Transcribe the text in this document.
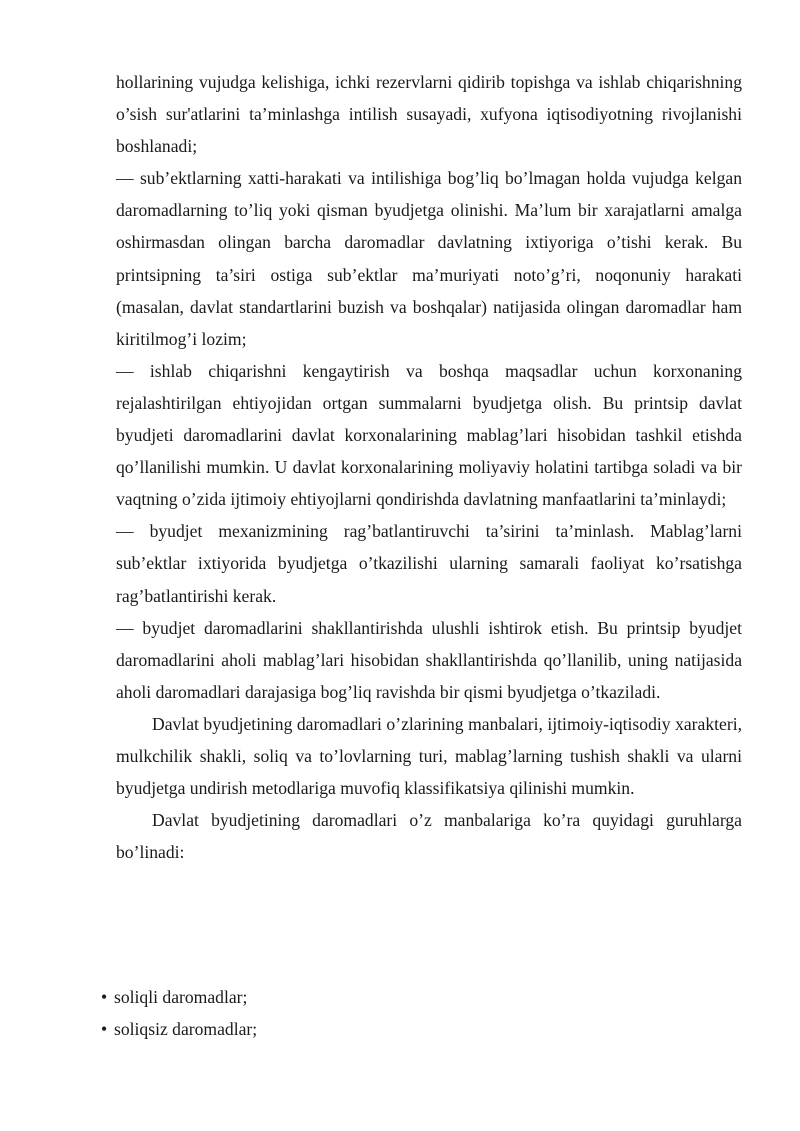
hollarining vujudga kelishiga, ichki rezervlarni qidirib topishga va ishlab chiqarishning o’sish sur'atlarini ta’minlashga intilish susayadi, xufyona iqtisodiyotning rivojlanishi boshlanadi;

— sub’ektlarning xatti-harakati va intilishiga bog’liq bo’lmagan holda vujudga kelgan daromadlarning to’liq yoki qisman byudjetga olinishi. Ma’lum bir xarajatlarni amalga oshirmasdan olingan barcha daromadlar davlatning ixtiyoriga o’tishi kerak. Bu printsipning ta’siri ostiga sub’ektlar ma’muriyati noto’g’ri, noqonuniy harakati (masalan, davlat standartlarini buzish va boshqalar) natijasida olingan daromadlar ham kiritilmog’i lozim;

— ishlab chiqarishni kengaytirish va boshqa maqsadlar uchun korxonaning rejalashtirilgan ehtiyojidan ortgan summalarni byudjetga olish. Bu printsip davlat byudjeti daromadlarini davlat korxonalarining mablag’lari hisobidan tashkil etishda qo’llanilishi mumkin. U davlat korxonalarining moliyaviy holatini tartibga soladi va bir vaqtning o’zida ijtimoiy ehtiyojlarni qondirishda davlatning manfaatlarini ta’minlaydi;

— byudjet mexanizmining rag’batlantiruvchi ta’sirini ta’minlash. Mablag’larni sub’ektlar ixtiyorida byudjetga o’tkazilishi ularning samarali faoliyat ko’rsatishga rag’batlantirishi kerak.

— byudjet daromadlarini shakllantirishda ulushli ishtirok etish. Bu printsip byudjet daromadlarini aholi mablag’lari hisobidan shakllantirishda qo’llanilib, uning natijasida aholi daromadlari darajasiga bog’liq ravishda bir qismi byudjetga o’tkaziladi.

Davlat byudjetining daromadlari o’zlarining manbalari, ijtimoiy-iqtisodiy xarakteri, mulkchilik shakli, soliq va to’lovlarning turi, mablag’larning tushish shakli va ularni byudjetga undirish metodlariga muvofiq klassifikatsiya qilinishi mumkin.

Davlat byudjetining daromadlari o’z manbalariga ko’ra quyidagi guruhlarga bo’linadi:

• soliqli daromadlar;
• soliqsiz daromadlar;
